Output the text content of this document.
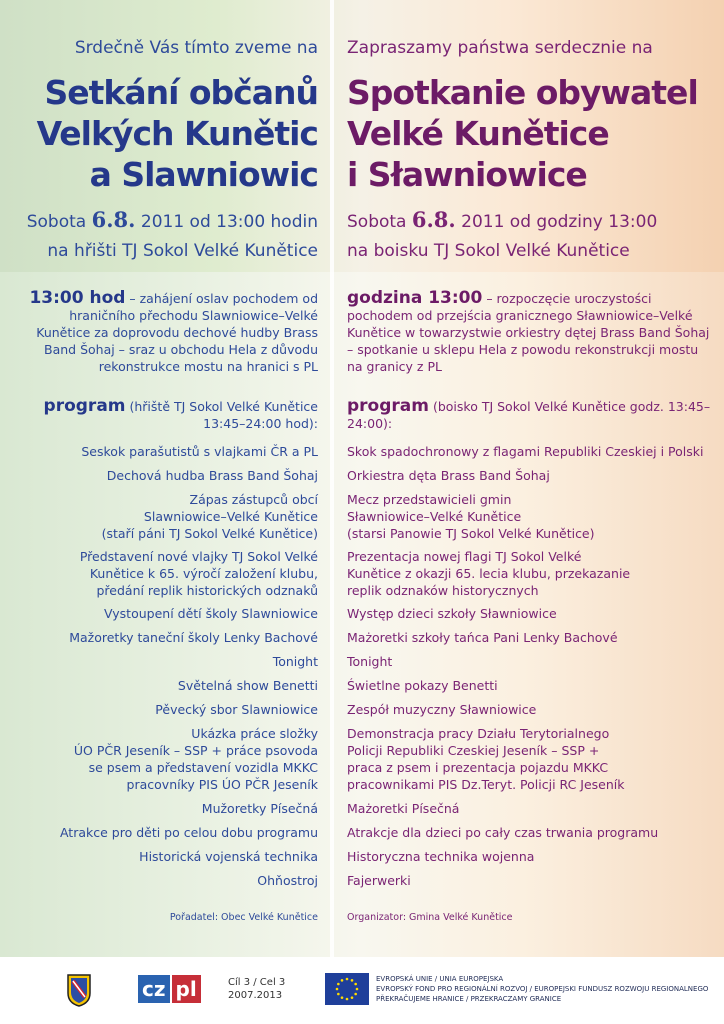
Srdečně Vás tímto zveme na
Setkání občanů
Velkých Kunětic
a Slawniowic
Sobota 6.8. 2011 od 13:00 hodin
na hřišti TJ Sokol Velké Kunětice
13:00 hod – zahájení oslav pochodem od hraničního přechodu Slawniowice–Velké Kunětice za doprovodu dechové hudby Brass Band Šohaj – sraz u obchodu Hela z důvodu rekonstrukce mostu na hranici s PL
program (hřiště TJ Sokol Velké Kunětice 13:45–24:00 hod):
Seskok parašutistů s vlajkami ČR a PL
Dechová hudba Brass Band Šohaj
Zápas zástupců obcí
Slawniowice–Velké Kunětice
(staří páni TJ Sokol Velké Kunětice)
Představení nové vlajky TJ Sokol Velké
Kunětice k 65. výročí založení klubu,
předání replik historických odznaků
Vystoupení dětí školy Slawniowice
Mažoretky taneční školy Lenky Bachové
Tonight
Světelná show Benetti
Pěvecký sbor Slawniowice
Ukázka práce složky
ÚO PČR Jeseník – SSP + práce psovoda
se psem a představení vozidla MKKC
pracovníky PIS ÚO PČR Jeseník
Mužoretky Písečná
Atrakce pro děti po celou dobu programu
Historická vojenská technika
Ohňostroj
Pořadatel: Obec Velké Kunětice
Zapraszamy państwa serdecznie na
Spotkanie obywatel
Velké Kunětice
i Sławniowice
Sobota 6.8. 2011 od godziny 13:00
na boisku TJ Sokol Velké Kunětice
godzina 13:00 – rozpoczęcie uroczystości pochodem od przejścia granicznego Sławniowice–Velké Kunětice w towarzystwie orkiestry dętej Brass Band Šohaj – spotkanie u sklepu Hela z powodu rekonstrukcji mostu na granicy z PL
program (boisko TJ Sokol Velké Kunětice godz. 13:45–24:00):
Skok spadochronowy z flagami Republiki Czeskiej i Polski
Orkiestra dęta Brass Band Šohaj
Mecz przedstawicieli gmin
Sławniowice–Velké Kunětice
(starsi Panowie TJ Sokol Velké Kunětice)
Prezentacja nowej flagi TJ Sokol Velké
Kunětice z okazji 65. lecia klubu, przekazanie
replik odznaków historycznych
Występ dzieci szkoły Sławniowice
Mażoretki szkoły tańca Pani Lenky Bachové
Tonight
Świetlne pokazy Benetti
Zespół muzyczny Sławniowice
Demonstracja pracy Działu Terytorialnego
Policji Republiki Czeskiej Jeseník – SSP +
praca z psem i prezentacja pojazdu MKKC
pracownikami PIS Dz.Teryt. Policji RC Jeseník
Mażoretki Písečná
Atrakcje dla dzieci po cały czas trwania programu
Historyczna technika wojenna
Fajerwerki
Organizator: Gmina Velké Kunětice
cz pl	Cíl 3 / Cel 3
2007.2013
EVROPSKÁ UNIE / UNIA EUROPEJSKA
EVROPSKÝ FOND PRO REGIONÁLNÍ ROZVOJ / EUROPEJSKI FUNDUSZ ROZWOJU REGIONALNEGO
PŘEKRAČUJEME HRANICE / PRZEKRACZAMY GRANICE
